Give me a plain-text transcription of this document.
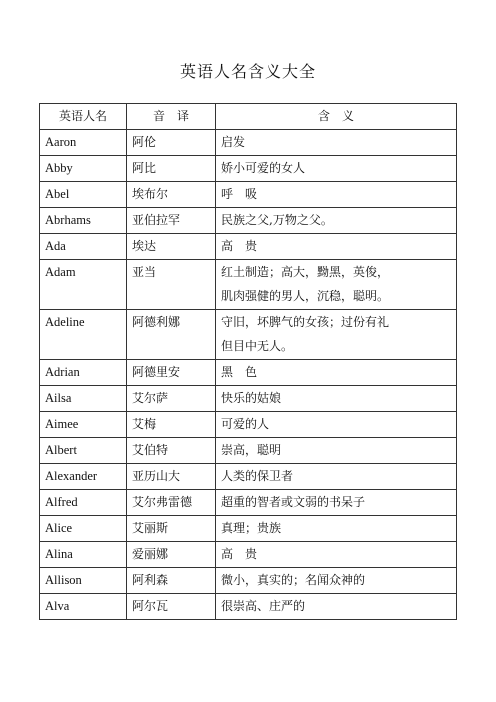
英语人名含义大全
英语人名	音　译	含　义
Aaron	阿伦	启发

Abby	阿比	娇小可爱的女人

Abel	埃布尔	呼　吸

Abrhams	亚伯拉罕	民族之父,万物之父。

Ada	埃达	高　贵

Adam	亚当	红土制造；高大，黝黑，英俊，
肌肉强健的男人，沉稳，聪明。

Adeline	阿德利娜	守旧，坏脾气的女孩；过份有礼
但目中无人。

Adrian	阿德里安	黑　色

Ailsa	艾尔萨	快乐的姑娘

Aimee	艾梅	可爱的人

Albert	艾伯特	崇高，聪明

Alexander	亚历山大	人类的保卫者

Alfred	艾尔弗雷德	超重的智者或文弱的书呆子

Alice	艾丽斯	真理；贵族

Alina	爱丽娜	高　贵

Allison	阿利森	微小，真实的；名闻众神的

Alva	阿尔瓦	很崇高、庄严的
